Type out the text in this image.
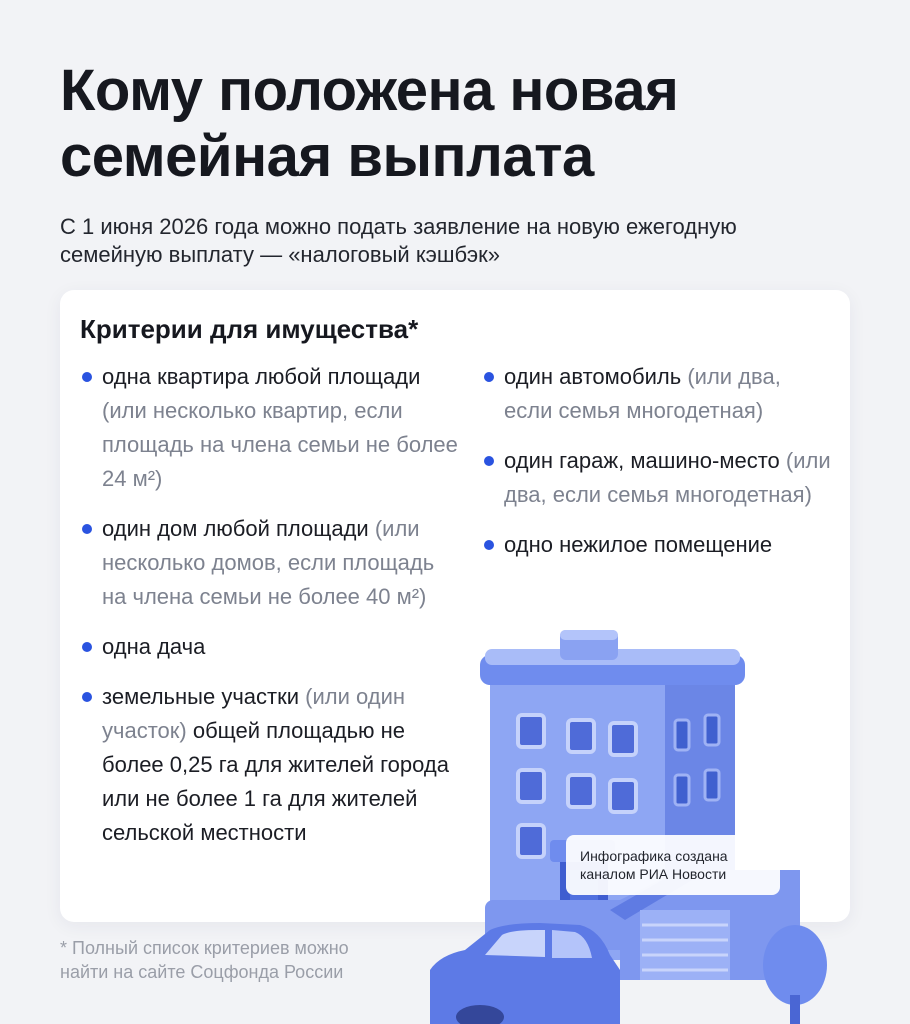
Кому положена новая
семейная выплата
С 1 июня 2026 года можно подать заявление на новую ежегодную
семейную выплату — «налоговый кэшбэк»
Критерии для имущества*
одна квартира любой площади (или несколько квартир, если площадь на члена семьи не более 24 м²)
один дом любой площади (или несколько домов, если площадь на члена семьи не более 40 м²)
одна дача
земельные участки (или один участок) общей площадью не более 0,25 га для жителей города или не более 1 га для жителей сельской местности
один автомобиль (или два, если семья многодетная)
один гараж, машино-место (или два, если семья многодетная)
одно нежилое помещение
Инфографика создана
каналом РИА Новости
* Полный список критериев можно
найти на сайте Соцфонда России
